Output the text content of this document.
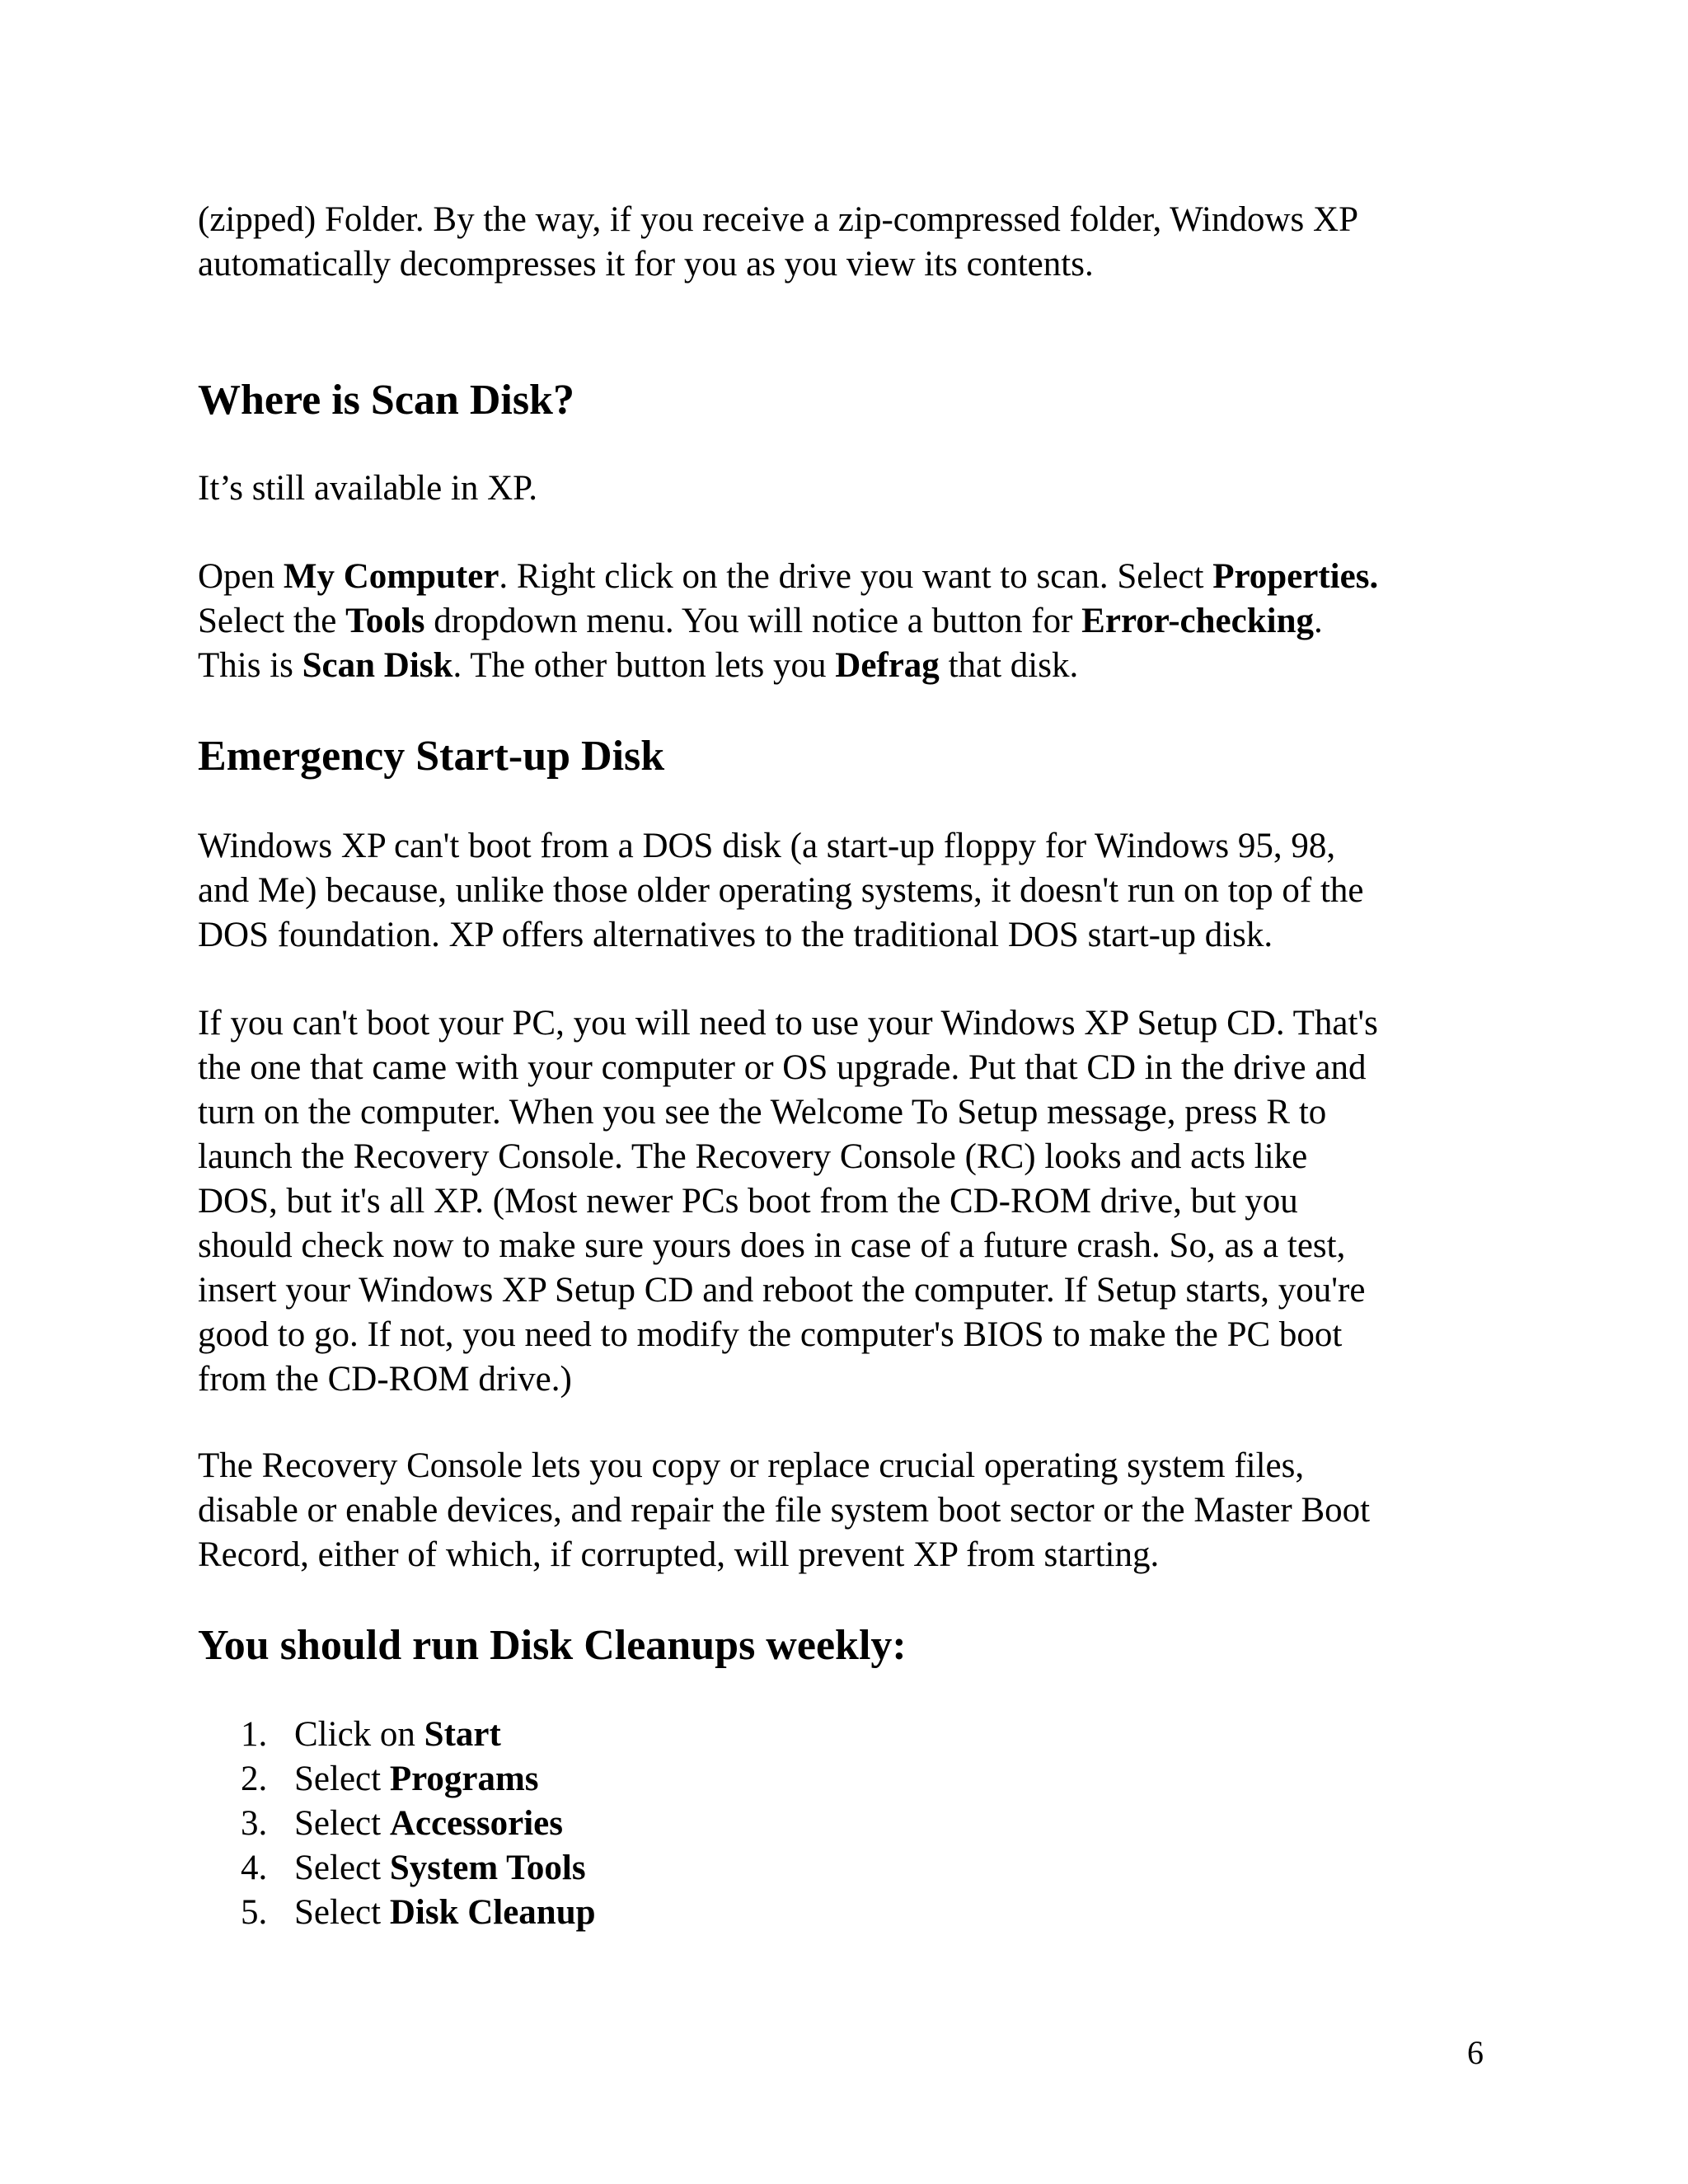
(zipped) Folder. By the way, if you receive a zip-compressed folder, Windows XP
automatically decompresses it for you as you view its contents.
Where is Scan Disk?
It’s still available in XP.
Open My Computer. Right click on the drive you want to scan. Select Properties.
Select the Tools dropdown menu. You will notice a button for Error-checking.
This is Scan Disk. The other button lets you Defrag that disk.
Emergency Start-up Disk
Windows XP can't boot from a DOS disk (a start-up floppy for Windows 95, 98,
and Me) because, unlike those older operating systems, it doesn't run on top of the
DOS foundation. XP offers alternatives to the traditional DOS start-up disk.
If you can't boot your PC, you will need to use your Windows XP Setup CD. That's
the one that came with your computer or OS upgrade. Put that CD in the drive and
turn on the computer. When you see the Welcome To Setup message, press R to
launch the Recovery Console. The Recovery Console (RC) looks and acts like
DOS, but it's all XP. (Most newer PCs boot from the CD-ROM drive, but you
should check now to make sure yours does in case of a future crash. So, as a test,
insert your Windows XP Setup CD and reboot the computer. If Setup starts, you're
good to go. If not, you need to modify the computer's BIOS to make the PC boot
from the CD-ROM drive.)
The Recovery Console lets you copy or replace crucial operating system files,
disable or enable devices, and repair the file system boot sector or the Master Boot
Record, either of which, if corrupted, will prevent XP from starting.
You should run Disk Cleanups weekly:
1. Click on Start
2. Select Programs
3. Select Accessories
4. Select System Tools
5. Select Disk Cleanup
6
